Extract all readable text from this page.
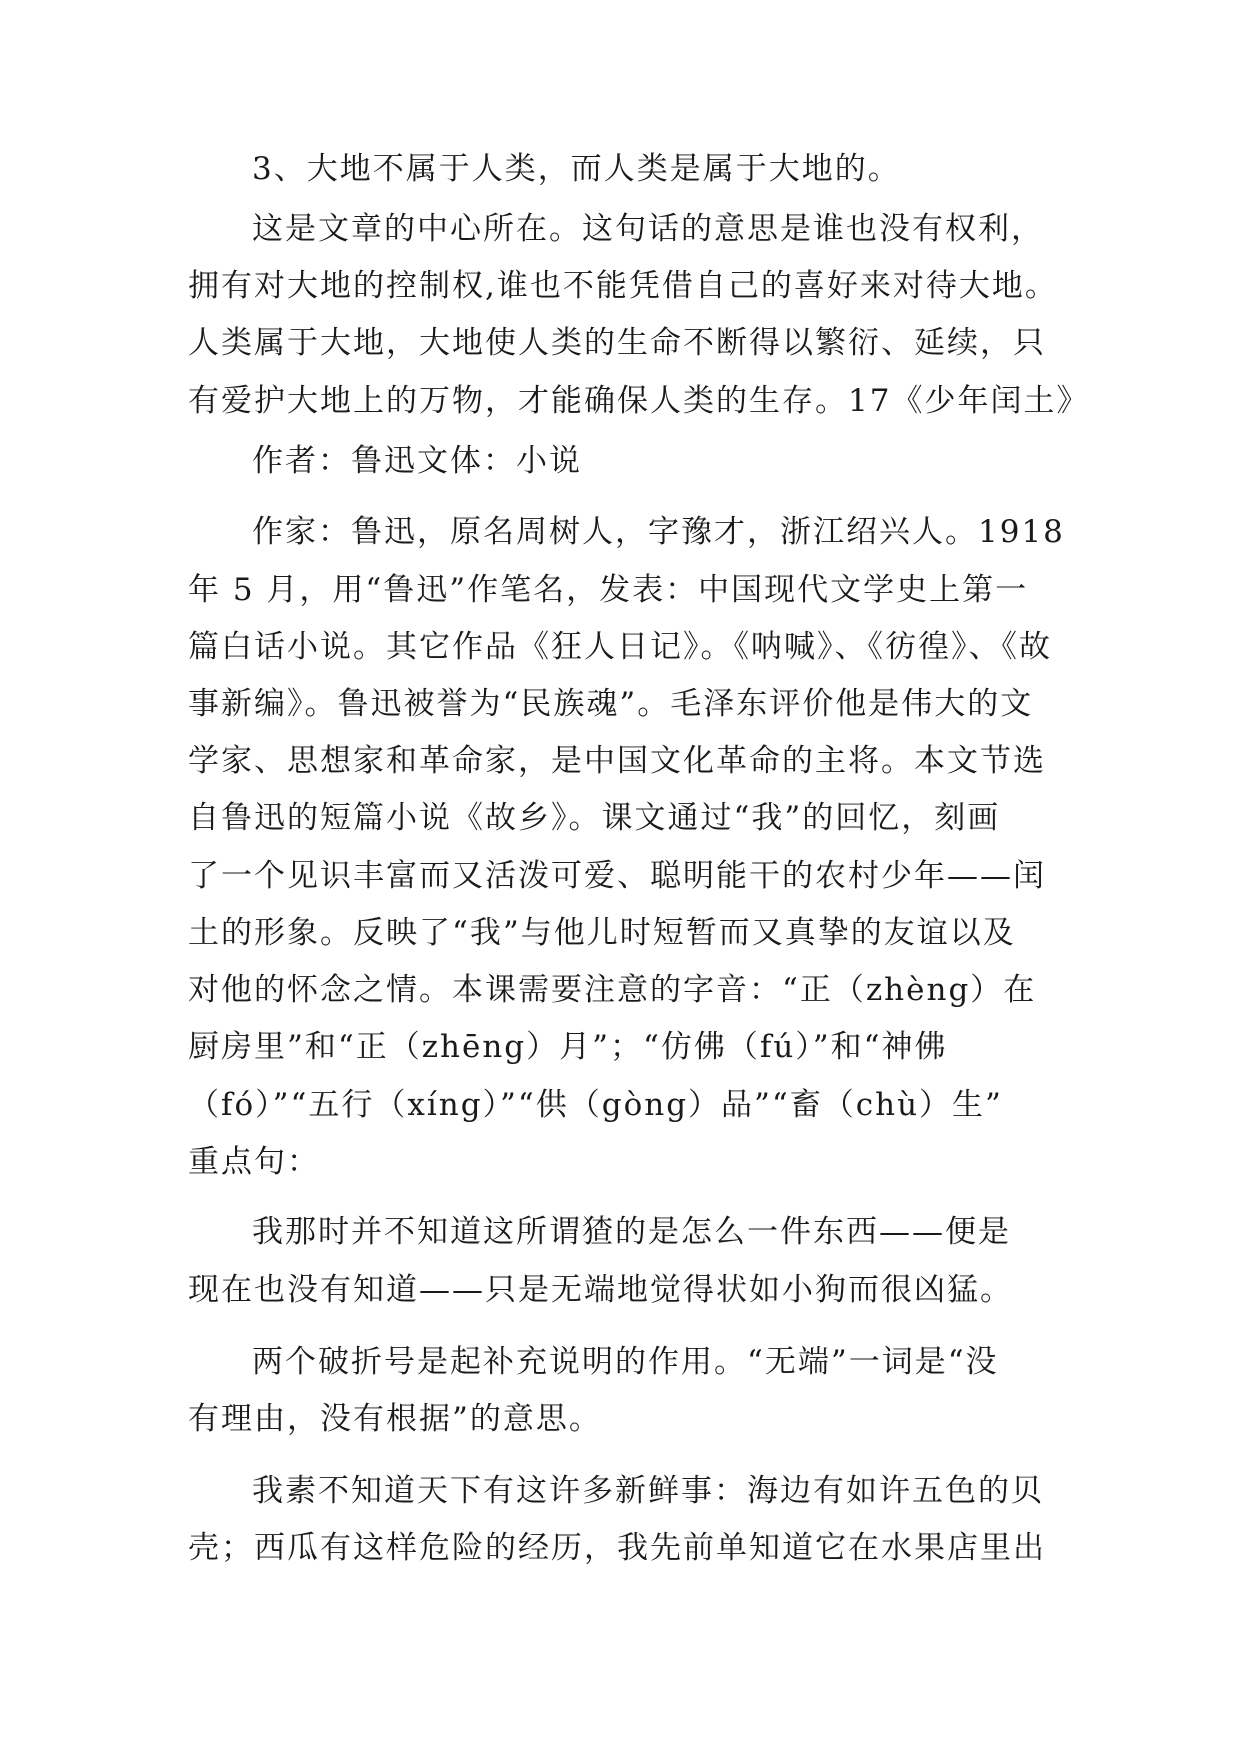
3、大地不属于人类，而人类是属于大地的。
这是文章的中心所在。这句话的意思是谁也没有权利，
拥有对大地的控制权,谁也不能凭借自己的喜好来对待大地。
人类属于大地，大地使人类的生命不断得以繁衍、延续，只
有爱护大地上的万物，才能确保人类的生存。17《少年闰土》
作者：鲁迅文体：小说
作家：鲁迅，原名周树人，字豫才，浙江绍兴人。1918
年 5 月，用“鲁迅”作笔名，发表：中国现代文学史上第一
篇白话小说。其它作品《狂人日记》。《呐喊》、《彷徨》、《故
事新编》。鲁迅被誉为“民族魂”。毛泽东评价他是伟大的文
学家、思想家和革命家，是中国文化革命的主将。本文节选
自鲁迅的短篇小说《故乡》。课文通过“我”的回忆，刻画
了一个见识丰富而又活泼可爱、聪明能干的农村少年——闰
土的形象。反映了“我”与他儿时短暂而又真挚的友谊以及
对他的怀念之情。本课需要注意的字音：“正（zhèng）在
厨房里”和“正（zhēng）月”；“仿佛（fú）”和“神佛
（fó）”“五行（xíng）”“供（gòng）品”“畜（chù）生”
重点句：
我那时并不知道这所谓猹的是怎么一件东西——便是
现在也没有知道——只是无端地觉得状如小狗而很凶猛。
两个破折号是起补充说明的作用。“无端”一词是“没
有理由，没有根据”的意思。
我素不知道天下有这许多新鲜事：海边有如许五色的贝
壳；西瓜有这样危险的经历，我先前单知道它在水果店里出
